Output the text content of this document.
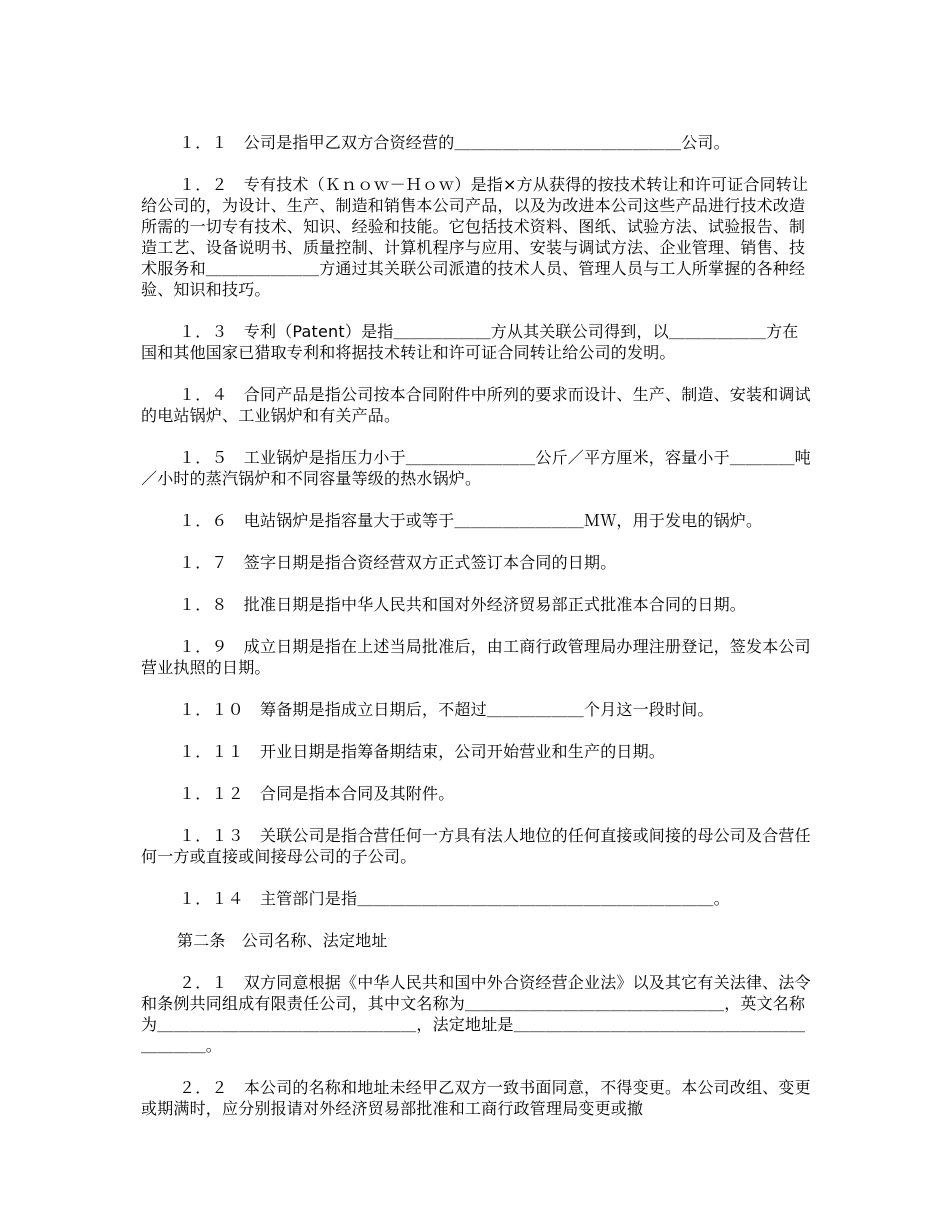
１．１　公司是指甲乙双方合资经营的＿＿＿＿＿＿＿＿＿＿＿＿＿＿公司。

１．２　专有技术（Ｋｎｏｗ－Ｈｏｗ）是指×方从获得的按技术转让和许可证合同转让给公司的，为设计、生产、制造和销售本公司产品，以及为改进本公司这些产品进行技术改造所需的一切专有技术、知识、经验和技能。它包括技术资料、图纸、试验方法、试验报告、制造工艺、设备说明书、质量控制、计算机程序与应用、安装与调试方法、企业管理、销售、技术服务和＿＿＿＿＿＿＿方通过其关联公司派遣的技术人员、管理人员与工人所掌握的各种经验、知识和技巧。

１．３　专利（Patent）是指＿＿＿＿＿＿方从其关联公司得到，以＿＿＿＿＿＿方在国和其他国家已猎取专利和将据技术转让和许可证合同转让给公司的发明。

１．４　合同产品是指公司按本合同附件中所列的要求而设计、生产、制造、安装和调试的电站锅炉、工业锅炉和有关产品。

１．５　工业锅炉是指压力小于＿＿＿＿＿＿＿＿公斤／平方厘米，容量小于＿＿＿＿吨／小时的蒸汽锅炉和不同容量等级的热水锅炉。

１．６　电站锅炉是指容量大于或等于＿＿＿＿＿＿＿＿ＭＷ，用于发电的锅炉。

１．７　签字日期是指合资经营双方正式签订本合同的日期。

１．８　批准日期是指中华人民共和国对外经济贸易部正式批准本合同的日期。

１．９　成立日期是指在上述当局批准后，由工商行政管理局办理注册登记，签发本公司营业执照的日期。

１．１０　筹备期是指成立日期后，不超过＿＿＿＿＿＿个月这一段时间。

１．１１　开业日期是指筹备期结束，公司开始营业和生产的日期。

１．１２　合同是指本合同及其附件。

１．１３　关联公司是指合营任何一方具有法人地位的任何直接或间接的母公司及合营任何一方或直接或间接母公司的子公司。

１．１４　主管部门是指＿＿＿＿＿＿＿＿＿＿＿＿＿＿＿＿＿＿＿＿＿＿。

第二条　公司名称、法定地址

２．１　双方同意根据《中华人民共和国中外合资经营企业法》以及其它有关法律、法令和条例共同组成有限责任公司，其中文名称为＿＿＿＿＿＿＿＿＿＿＿＿＿＿＿＿，英文名称为＿＿＿＿＿＿＿＿＿＿＿＿＿＿＿＿，法定地址是＿＿＿＿＿＿＿＿＿＿＿＿＿＿＿＿＿＿＿＿＿＿。

２．２　本公司的名称和地址未经甲乙双方一致书面同意，不得变更。本公司改组、变更或期满时，应分别报请对外经济贸易部批准和工商行政管理局变更或撤
